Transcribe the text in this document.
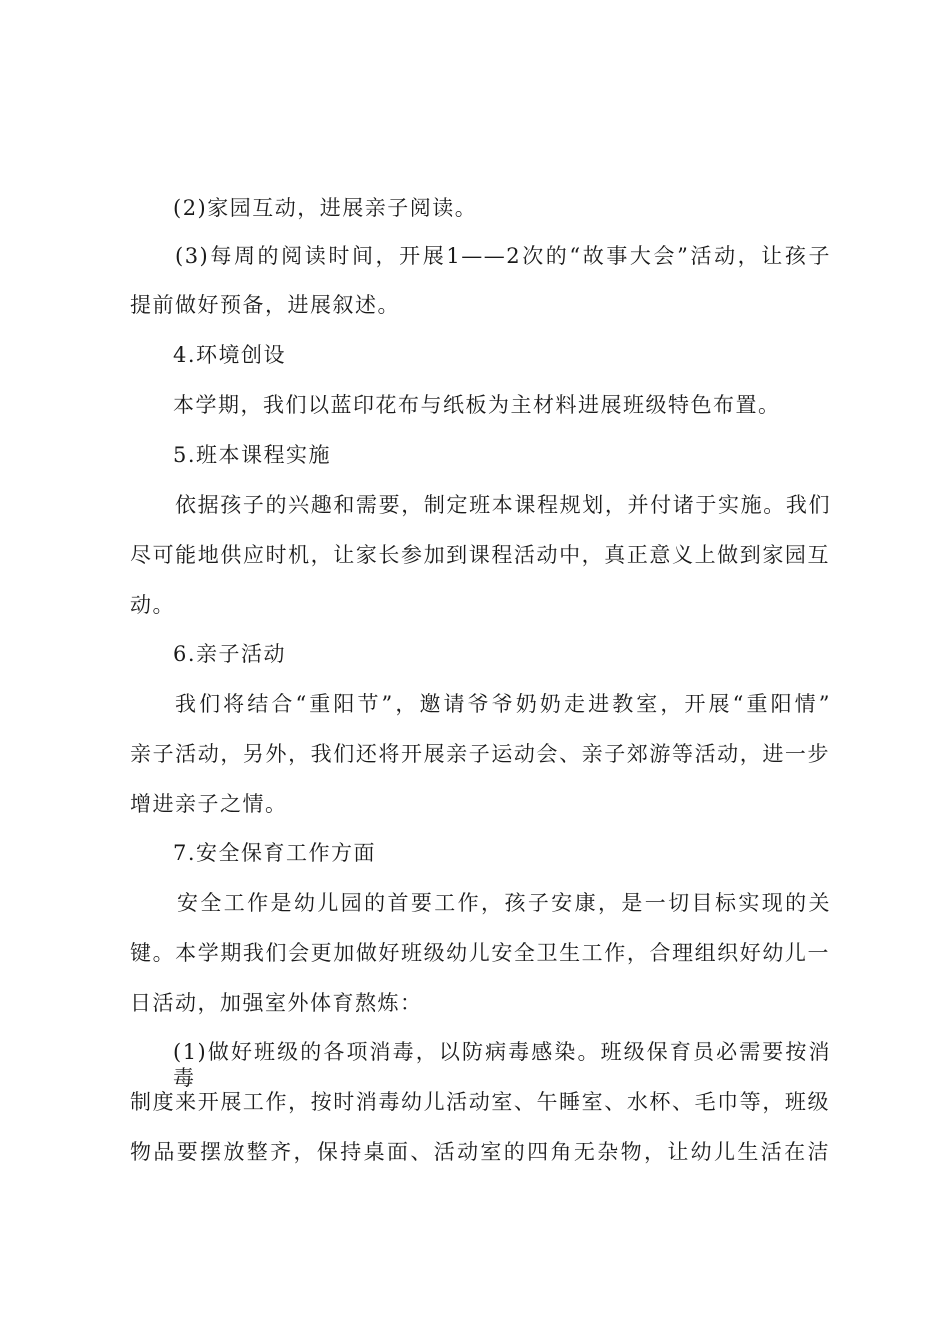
(2)家园互动，进展亲子阅读。
(3)每周的阅读时间，开展1——2次的“故事大会”活动，让孩子
提前做好预备，进展叙述。
4.环境创设
本学期，我们以蓝印花布与纸板为主材料进展班级特色布置。
5.班本课程实施
依据孩子的兴趣和需要，制定班本课程规划，并付诸于实施。我们
尽可能地供应时机，让家长参加到课程活动中，真正意义上做到家园互
动。
6.亲子活动
我们将结合“重阳节”，邀请爷爷奶奶走进教室，开展“重阳情”
亲子活动，另外，我们还将开展亲子运动会、亲子郊游等活动，进一步
增进亲子之情。
7.安全保育工作方面
安全工作是幼儿园的首要工作，孩子安康，是一切目标实现的关
键。本学期我们会更加做好班级幼儿安全卫生工作，合理组织好幼儿一
日活动，加强室外体育熬炼：
(1)做好班级的各项消毒，以防病毒感染。班级保育员必需要按消毒
制度来开展工作，按时消毒幼儿活动室、午睡室、水杯、毛巾等，班级
物品要摆放整齐，保持桌面、活动室的四角无杂物，让幼儿生活在洁
